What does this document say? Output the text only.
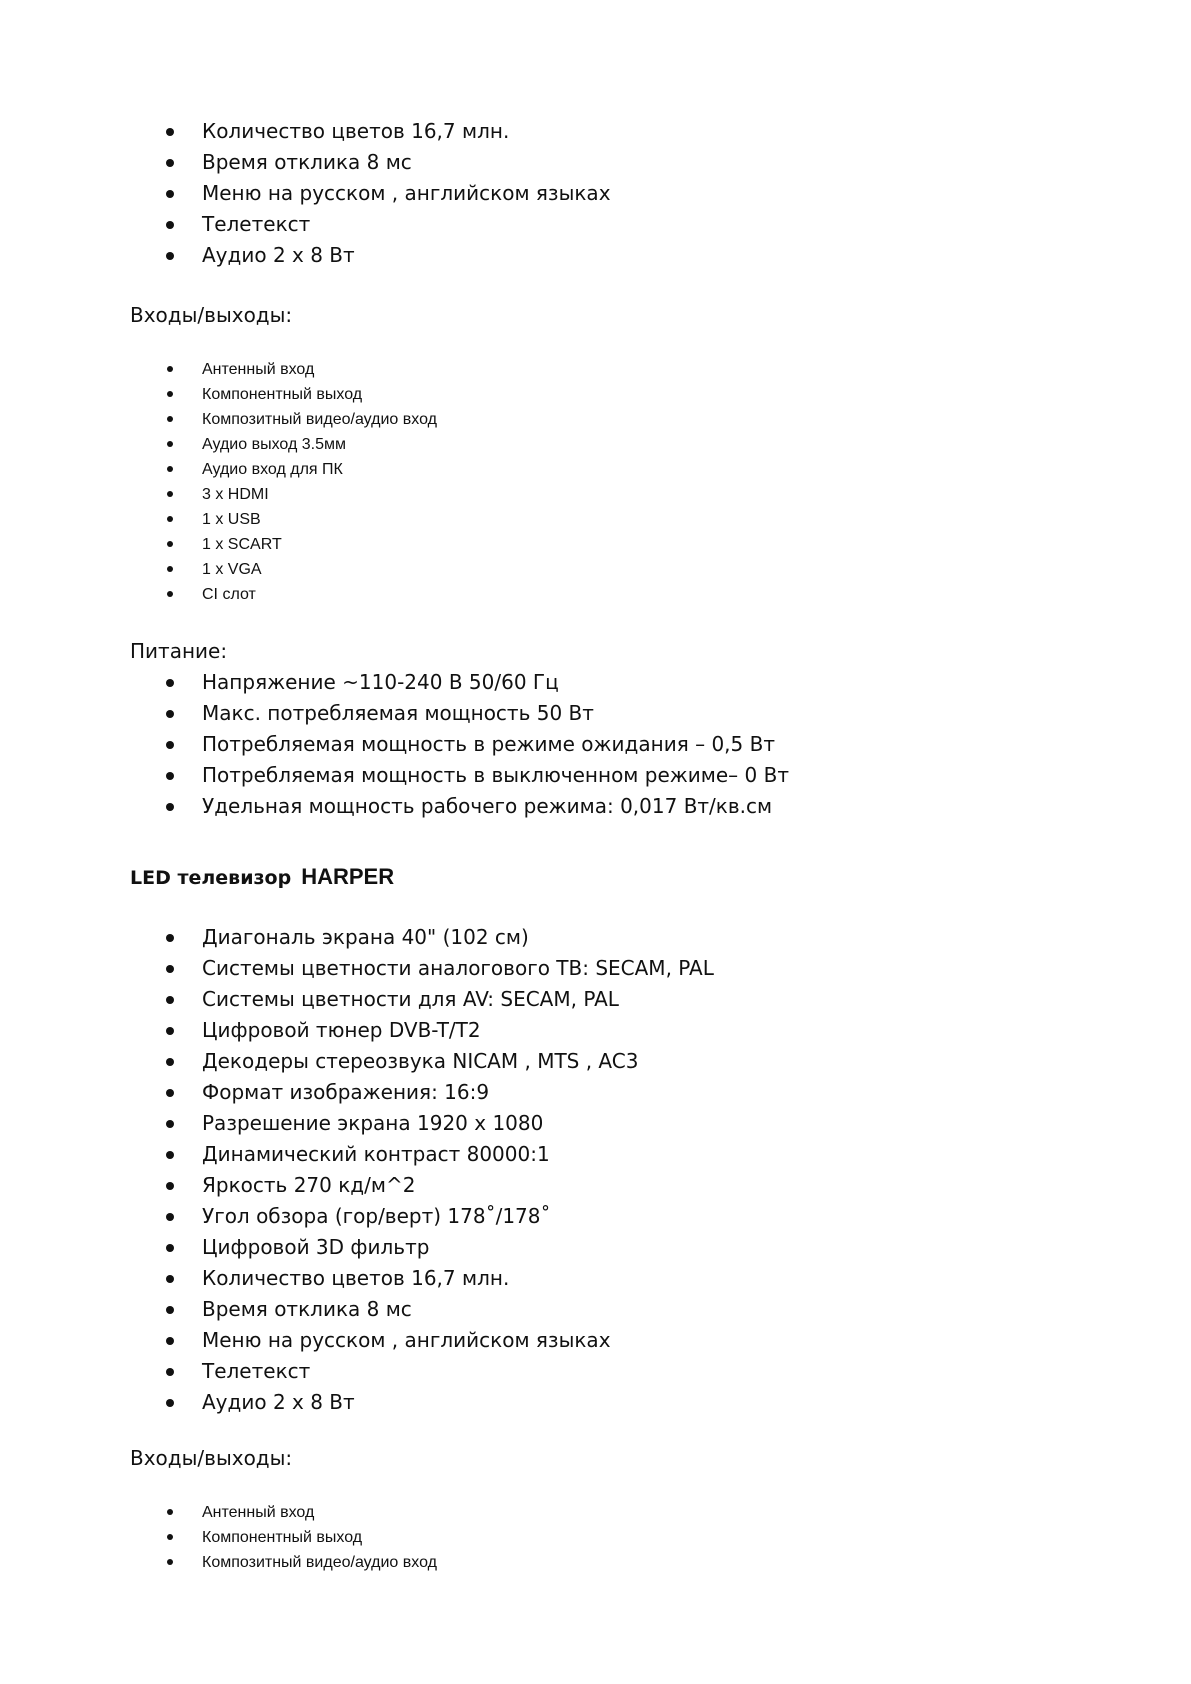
Количество цветов 16,7 млн.
Время отклика 8 мс
Меню на русском , английском языках
Телетекст
Аудио 2 х 8 Вт
Входы/выходы:
Антенный вход
Компонентный выход
Композитный видео/аудио вход
Аудио выход 3.5мм
Аудио вход для ПК
3 x HDMI
1 x USB
1 x SCART
1 x VGA
CI слот
Питание:
Напряжение ~110-240 В 50/60 Гц
Макс. потребляемая мощность 50 Вт
Потребляемая мощность в режиме ожидания – 0,5 Вт
Потребляемая мощность в выключенном режиме– 0 Вт
Удельная мощность рабочего режима: 0,017 Вт/кв.см
LED телевизор HARPER
Диагональ экрана 40" (102 см)
Системы цветности аналогового ТВ: SECAM, PAL
Системы цветности для AV: SECAM, PAL
Цифровой тюнер DVB-T/T2
Декодеры стереозвука NICAM , MTS , AC3
Формат изображения: 16:9
Разрешение экрана 1920 х 1080
Динамический контраст 80000:1
Яркость 270 кд/м^2
Угол обзора (гор/верт) 178˚/178˚
Цифровой 3D фильтр
Количество цветов 16,7 млн.
Время отклика 8 мс
Меню на русском , английском языках
Телетекст
Аудио 2 х 8 Вт
Входы/выходы:
Антенный вход
Компонентный выход
Композитный видео/аудио вход
